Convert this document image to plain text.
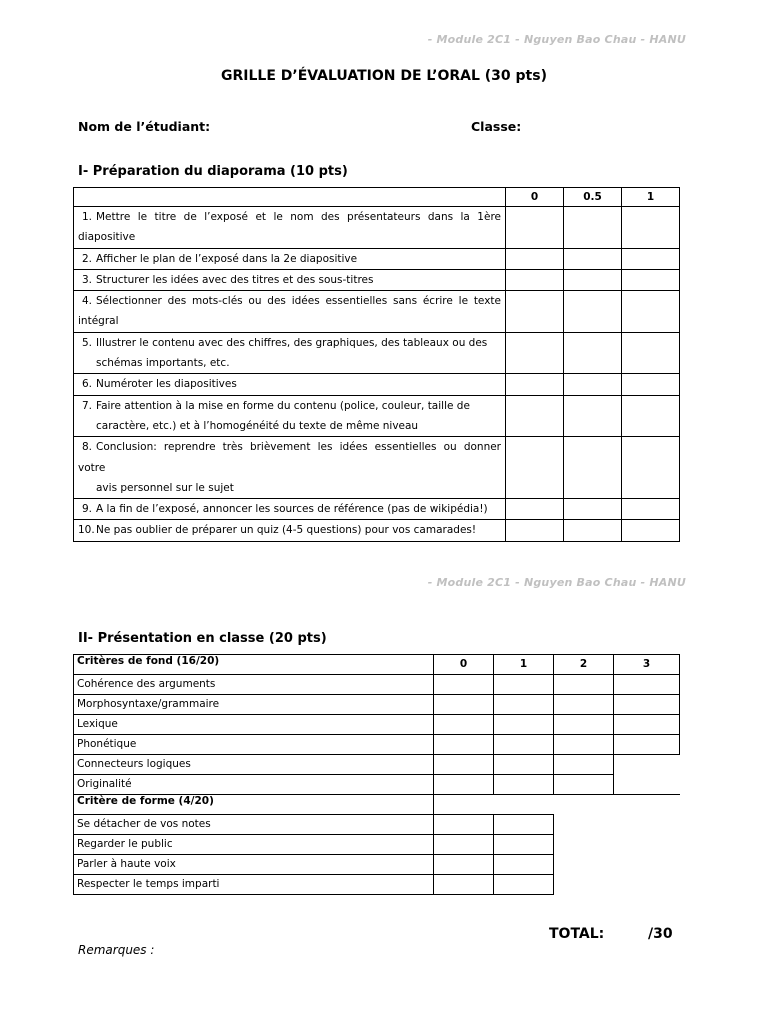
- Module 2C1 - Nguyen Bao Chau - HANU
GRILLE D’ÉVALUATION DE L’ORAL (30 pts)
Nom de l’étudiant:	Classe:
I- Préparation du diaporama (10 pts)
	0	0.5	1

1. Mettre le titre de l’exposé et le nom des présentateurs dans la 1ère diapositive			

2. Afficher le plan de l’exposé dans la 2e diapositive			

3. Structurer les idées avec des titres et des sous-titres			

4. Sélectionner des mots-clés ou des idées essentielles sans écrire le texte intégral			

5. Illustrer le contenu avec des chiffres, des graphiques, des tableaux ou des
schémas importants, etc.			

6. Numéroter les diapositives			

7. Faire attention à la mise en forme du contenu (police, couleur, taille de
caractère, etc.) et à l’homogénéité du texte de même niveau			

8. Conclusion: reprendre très brièvement les idées essentielles ou donner votre
avis personnel sur le sujet			

9. A la fin de l’exposé, annoncer les sources de référence (pas de wikipédia!)			

10.Ne pas oublier de préparer un quiz (4-5 questions) pour vos camarades!			

- Module 2C1 - Nguyen Bao Chau - HANU
II- Présentation en classe (20 pts)
Critères de fond (16/20)	0	1	2	3
Cohérence des arguments				
Morphosyntaxe/grammaire				
Lexique				
Phonétique				
Connecteurs logiques				
Originalité				
Critère de forme (4/20)				
Se détacher de vos notes				
Regarder le public				
Parler à haute voix				
Respecter le temps imparti				
TOTAL:	/30
Remarques :
